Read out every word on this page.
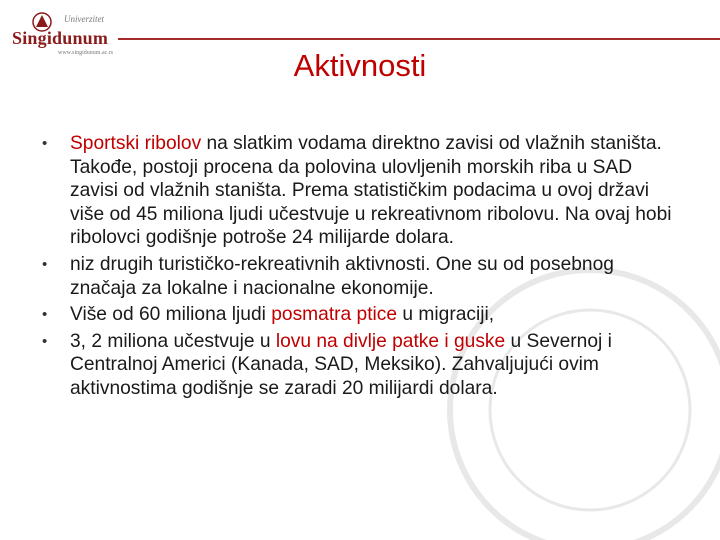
Univerzitet
Singidunum
www.singidunum.ac.rs	Aktivnosti
• Sportski ribolov na slatkim vodama direktno zavisi od vlažnih staništa. Takođe, postoji procena da polovina ulovljenih morskih riba u SAD zavisi od vlažnih staništa. Prema statističkim podacima u ovoj državi više od 45 miliona ljudi učestvuje u rekreativnom ribolovu. Na ovaj hobi ribolovci godišnje potroše 24 milijarde dolara.
• niz drugih turističko-rekreativnih aktivnosti. One su od posebnog značaja za lokalne i nacionalne ekonomije.
• Više od 60 miliona ljudi posmatra ptice u migraciji,
• 3, 2 miliona učestvuje u lovu na divlje patke i guske u Severnoj i Centralnoj Americi (Kanada, SAD, Meksiko). Zahvaljujući ovim aktivnostima godišnje se zaradi 20 milijardi dolara.
